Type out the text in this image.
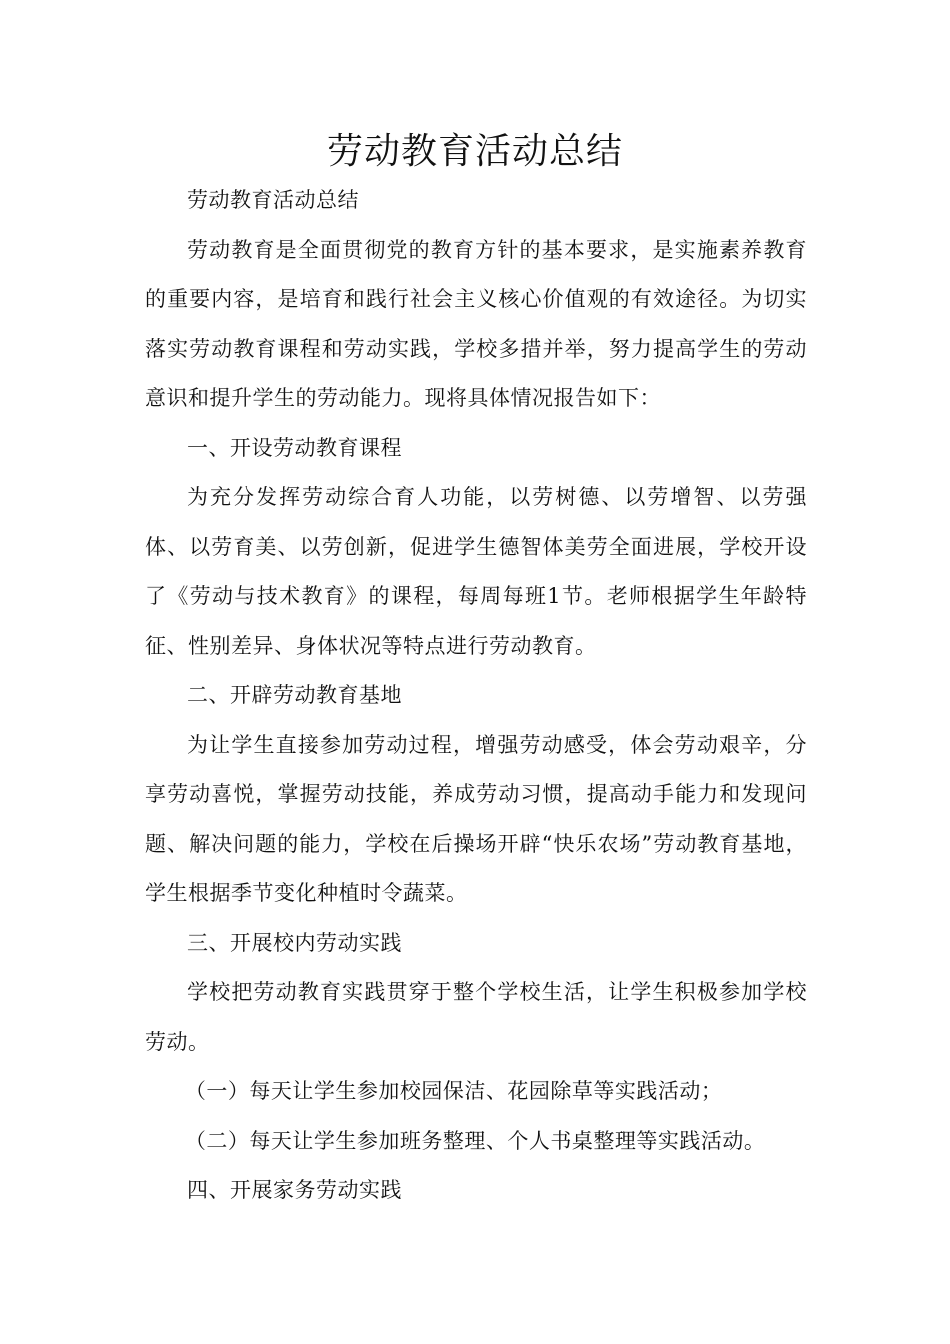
劳动教育活动总结

劳动教育活动总结

劳动教育是全面贯彻党的教育方针的基本要求，是实施素养教育的重要内容，是培育和践行社会主义核心价值观的有效途径。为切实落实劳动教育课程和劳动实践，学校多措并举，努力提高学生的劳动意识和提升学生的劳动能力。现将具体情况报告如下：

一、开设劳动教育课程

为充分发挥劳动综合育人功能，以劳树德、以劳增智、以劳强体、以劳育美、以劳创新，促进学生德智体美劳全面进展，学校开设了《劳动与技术教育》的课程，每周每班1节。老师根据学生年龄特征、性别差异、身体状况等特点进行劳动教育。

二、开辟劳动教育基地

为让学生直接参加劳动过程，增强劳动感受，体会劳动艰辛，分享劳动喜悦，掌握劳动技能，养成劳动习惯，提高动手能力和发现问题、解决问题的能力，学校在后操场开辟“快乐农场”劳动教育基地，学生根据季节变化种植时令蔬菜。

三、开展校内劳动实践

学校把劳动教育实践贯穿于整个学校生活，让学生积极参加学校劳动。

（一）每天让学生参加校园保洁、花园除草等实践活动；

（二）每天让学生参加班务整理、个人书桌整理等实践活动。

四、开展家务劳动实践
